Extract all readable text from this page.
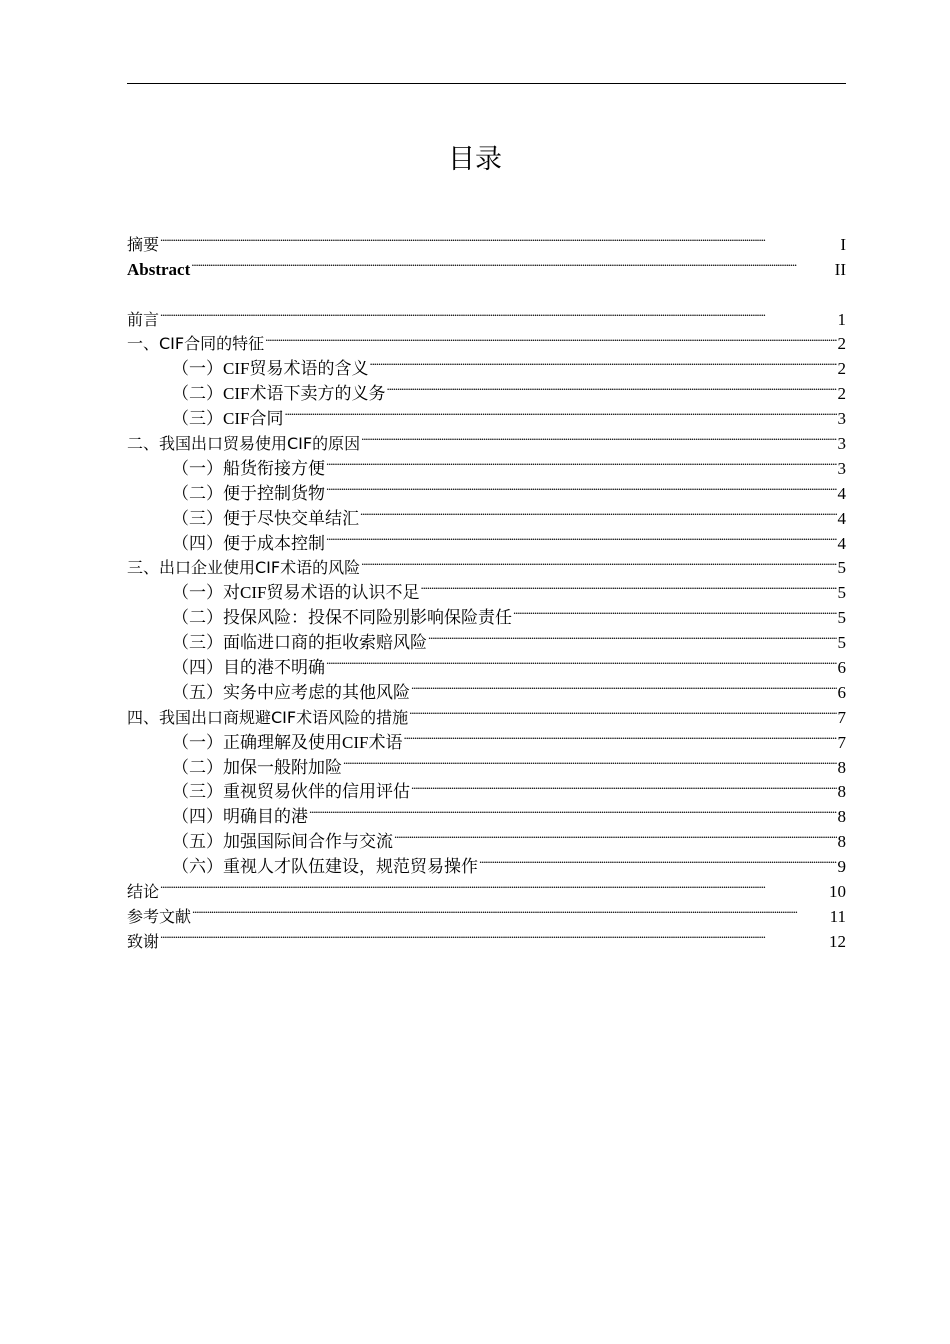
目录
摘要 . . .	I
Abstract . . .	II
前言 . . .	1
一、CIF合同的特征 . . .	2
（一）CIF贸易术语的含义 . . .	2
（二）CIF术语下卖方的义务 . . .	2
（三）CIF合同 . . .	3
二、我国出口贸易使用CIF的原因 . . .	3
（一）船货衔接方便 . . .	3
（二）便于控制货物 . . .	4
（三）便于尽快交单结汇 . . .	4
（四）便于成本控制 . . .	4
三、出口企业使用CIF术语的风险 . . .	5
（一）对CIF贸易术语的认识不足 . . .	5
（二）投保风险：投保不同险别影响保险责任 . . .	5
（三）面临进口商的拒收索赔风险 . . .	5
（四）目的港不明确 . . .	6
（五）实务中应考虑的其他风险 . . .	6
四、我国出口商规避CIF术语风险的措施 . . .	7
（一）正确理解及使用CIF术语 . . .	7
（二）加保一般附加险 . . .	8
（三）重视贸易伙伴的信用评估 . . .	8
（四）明确目的港 . . .	8
（五）加强国际间合作与交流 . . .	8
（六）重视人才队伍建设，规范贸易操作 . . .	9
结论 . . .	10
参考文献 . . .	11
致谢 . . .	12
